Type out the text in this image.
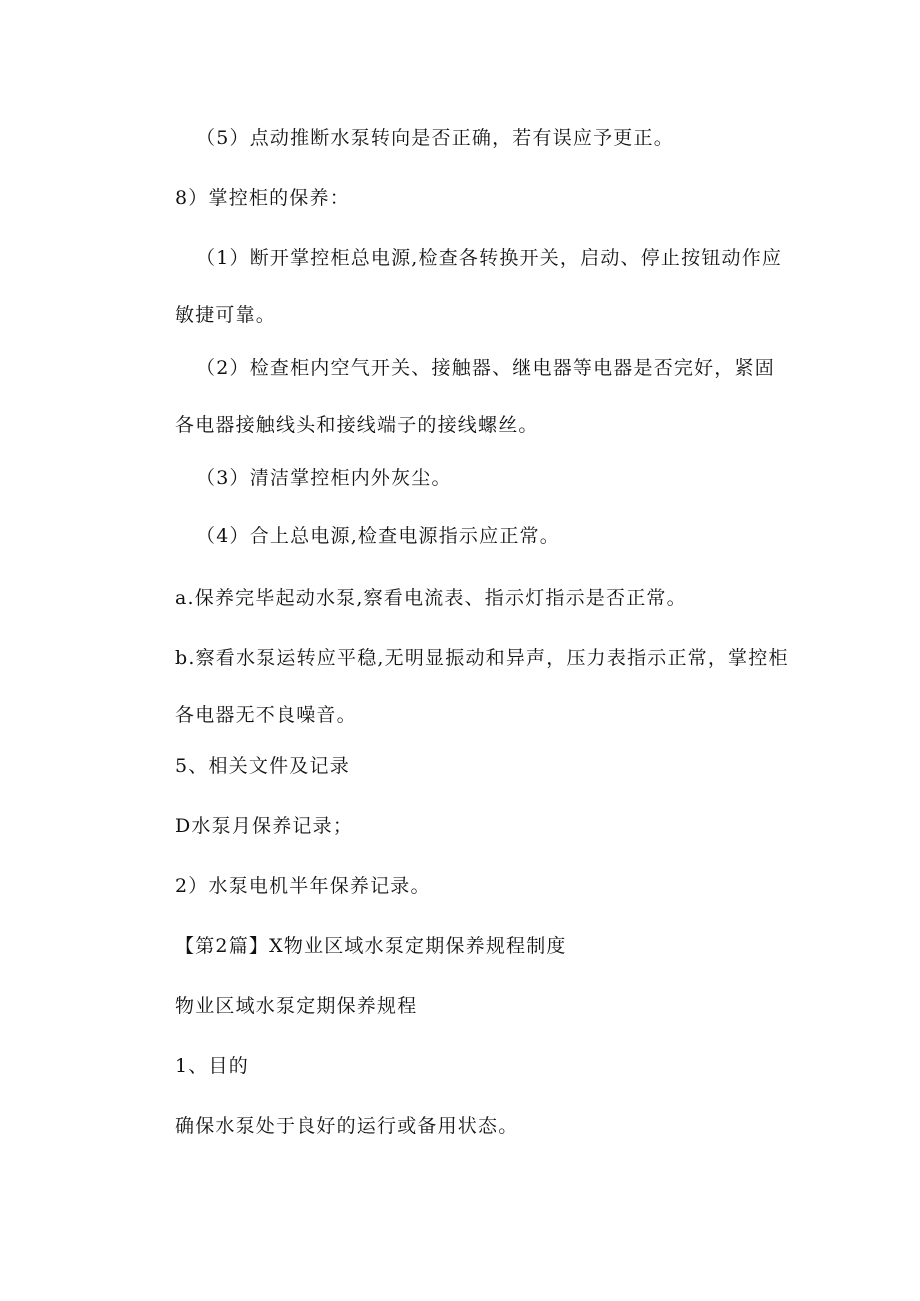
（5）点动推断水泵转向是否正确，若有误应予更正。

8）掌控柜的保养：

（1）断开掌控柜总电源,检查各转换开关，启动、停止按钮动作应敏捷可靠。

（2）检查柜内空气开关、接触器、继电器等电器是否完好，紧固各电器接触线头和接线端子的接线螺丝。

（3）清洁掌控柜内外灰尘。

（4）合上总电源,检查电源指示应正常。

a.保养完毕起动水泵,察看电流表、指示灯指示是否正常。

b.察看水泵运转应平稳,无明显振动和异声，压力表指示正常，掌控柜各电器无不良噪音。

5、相关文件及记录

D水泵月保养记录；

2）水泵电机半年保养记录。

【第2篇】X物业区域水泵定期保养规程制度

物业区域水泵定期保养规程

1、目的

确保水泵处于良好的运行或备用状态。
